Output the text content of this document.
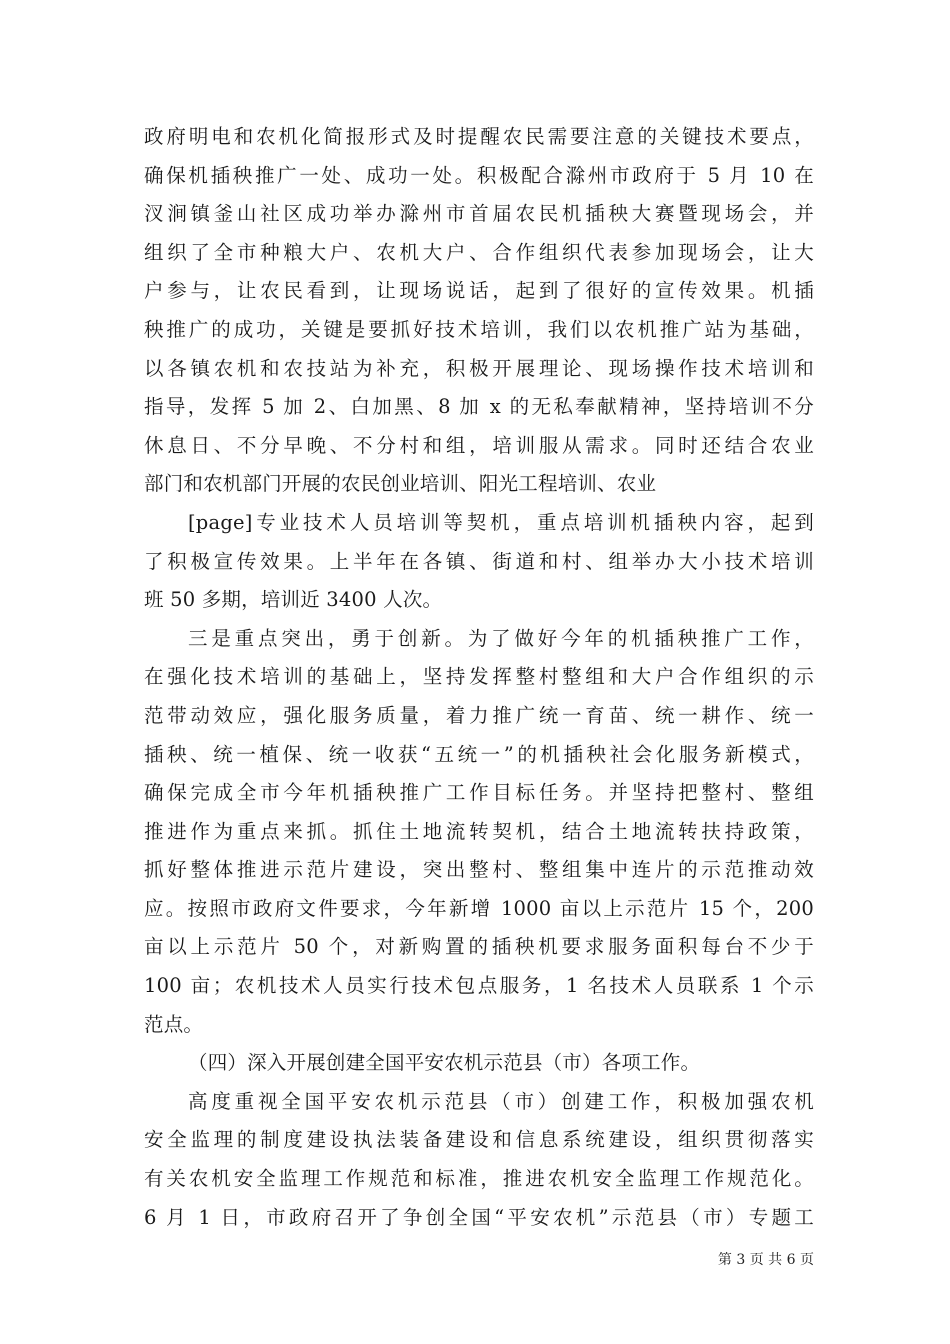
政府明电和农机化简报形式及时提醒农民需要注意的关键技术要点，
确保机插秧推广一处、成功一处。积极配合滁州市政府于 5 月 10 在
汊涧镇釜山社区成功举办滁州市首届农民机插秧大赛暨现场会，并
组织了全市种粮大户、农机大户、合作组织代表参加现场会，让大
户参与，让农民看到，让现场说话，起到了很好的宣传效果。机插
秧推广的成功，关键是要抓好技术培训，我们以农机推广站为基础，
以各镇农机和农技站为补充，积极开展理论、现场操作技术培训和
指导，发挥 5 加 2、白加黑、8 加 x 的无私奉献精神，坚持培训不分
休息日、不分早晚、不分村和组，培训服从需求。同时还结合农业
部门和农机部门开展的农民创业培训、阳光工程培训、农业
[page]专业技术人员培训等契机，重点培训机插秧内容，起到
了积极宣传效果。上半年在各镇、街道和村、组举办大小技术培训
班 50 多期，培训近 3400 人次。
三是重点突出，勇于创新。为了做好今年的机插秧推广工作，
在强化技术培训的基础上，坚持发挥整村整组和大户合作组织的示
范带动效应，强化服务质量，着力推广统一育苗、统一耕作、统一
插秧、统一植保、统一收获“五统一”的机插秧社会化服务新模式，
确保完成全市今年机插秧推广工作目标任务。并坚持把整村、整组
推进作为重点来抓。抓住土地流转契机，结合土地流转扶持政策，
抓好整体推进示范片建设，突出整村、整组集中连片的示范推动效
应。按照市政府文件要求，今年新增 1000 亩以上示范片 15 个，200
亩以上示范片 50 个，对新购置的插秧机要求服务面积每台不少于
100 亩；农机技术人员实行技术包点服务，1 名技术人员联系 1 个示
范点。
（四）深入开展创建全国平安农机示范县（市）各项工作。
高度重视全国平安农机示范县（市）创建工作，积极加强农机
安全监理的制度建设执法装备建设和信息系统建设，组织贯彻落实
有关农机安全监理工作规范和标准，推进农机安全监理工作规范化。
6 月 1 日，市政府召开了争创全国“平安农机”示范县（市）专题工
第 3 页 共 6 页
